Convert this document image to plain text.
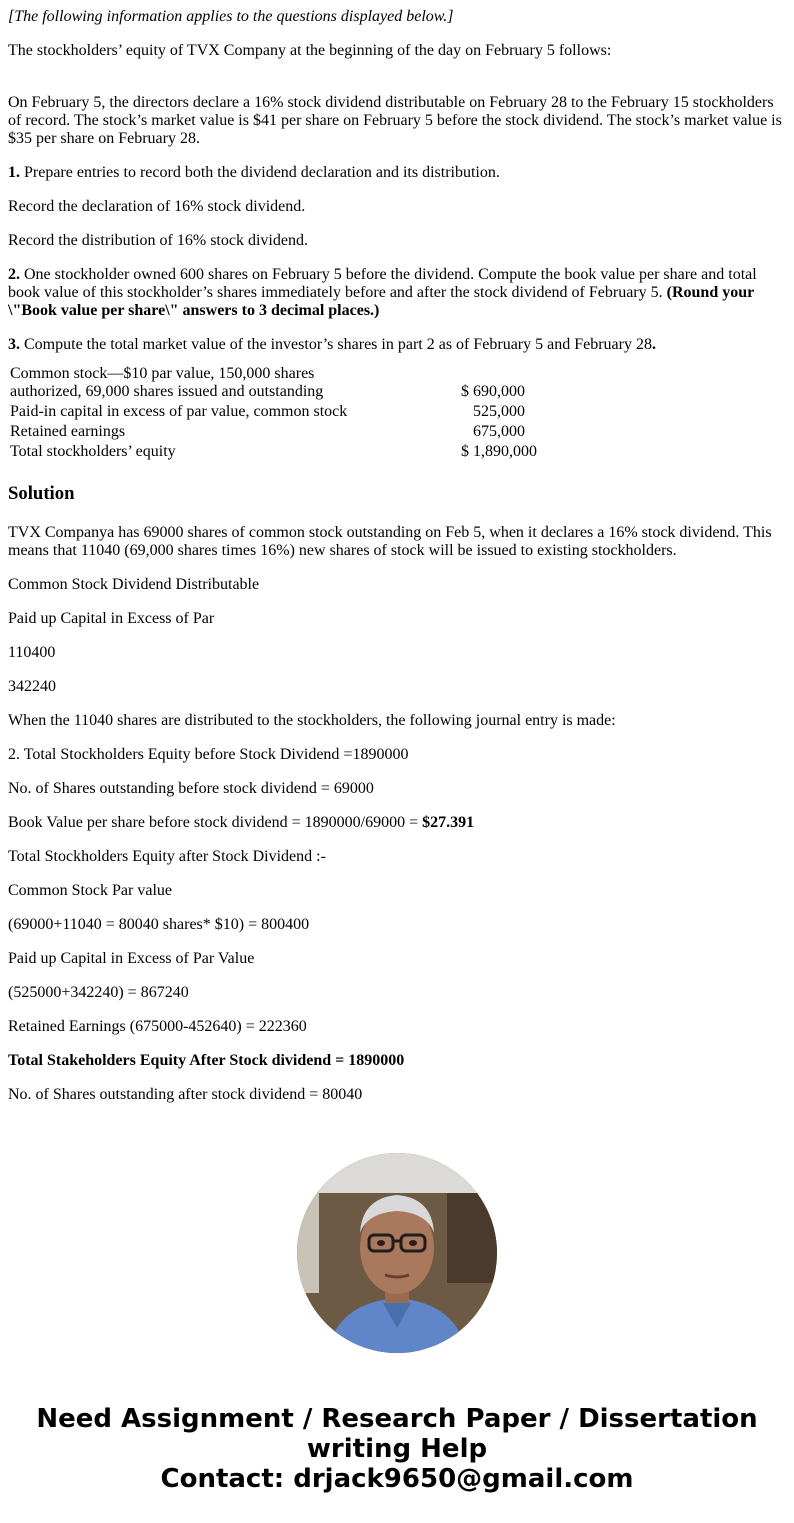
[The following information applies to the questions displayed below.]

The stockholders’ equity of TVX Company at the beginning of the day on February 5 follows:

On February 5, the directors declare a 16% stock dividend distributable on February 28 to the February 15 stockholders of record. The stock’s market value is $41 per share on February 5 before the stock dividend. The stock’s market value is $35 per share on February 28.

1. Prepare entries to record both the dividend declaration and its distribution.

Record the declaration of 16% stock dividend.

Record the distribution of 16% stock dividend.

2. One stockholder owned 600 shares on February 5 before the dividend. Compute the book value per share and total book value of this stockholder’s shares immediately before and after the stock dividend of February 5. (Round your \"Book value per share\" answers to 3 decimal places.)

3. Compute the total market value of the investor’s shares in part 2 as of February 5 and February 28.

Common stock—$10 par value, 150,000 shares
authorized, 69,000 shares issued and outstanding	$ 690,000
Paid-in capital in excess of par value, common stock	525,000
Retained earnings	675,000
Total stockholders’ equity	$ 1,890,000
Solution

TVX Companya has 69000 shares of common stock outstanding on Feb 5, when it declares a 16% stock dividend. This means that 11040 (69,000 shares times 16%) new shares of stock will be issued to existing stockholders.

Common Stock Dividend Distributable

Paid up Capital in Excess of Par

110400

342240

When the 11040 shares are distributed to the stockholders, the following journal entry is made:

2. Total Stockholders Equity before Stock Dividend =1890000

No. of Shares outstanding before stock dividend = 69000

Book Value per share before stock dividend = 1890000/69000 = $27.391

Total Stockholders Equity after Stock Dividend :-

Common Stock Par value

(69000+11040 = 80040 shares* $10) = 800400

Paid up Capital in Excess of Par Value

(525000+342240) = 867240

Retained Earnings (675000-452640) = 222360

Total Stakeholders Equity After Stock dividend = 1890000

No. of Shares outstanding after stock dividend = 80040

Need Assignment / Research Paper / Dissertation
writing Help
Contact: drjack9650@gmail.com
